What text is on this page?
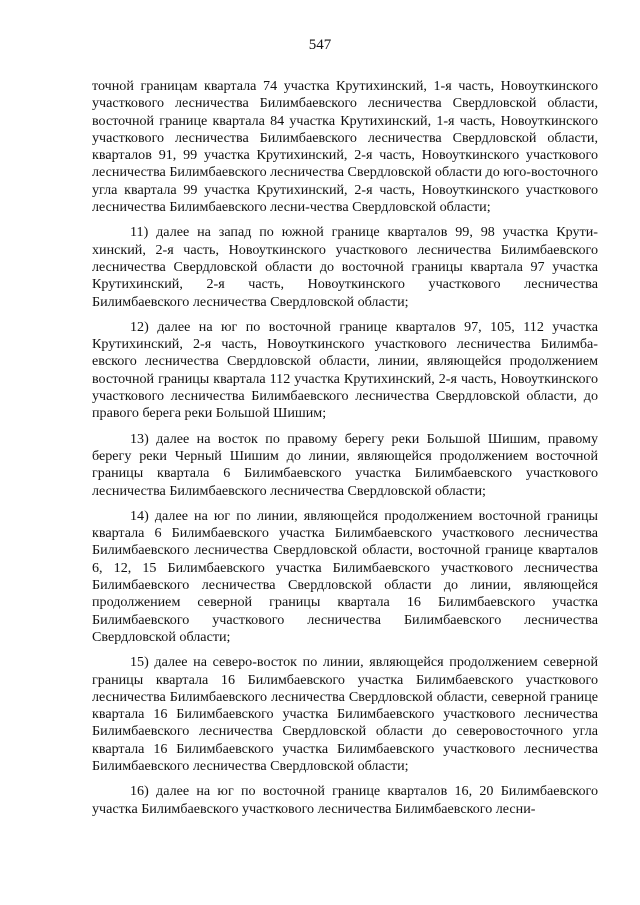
547

точной границам квартала 74 участка Крутихинский, 1-я часть, Новоуткинского участкового лесничества Билимбаевского лесничества Свердловской области, восточной границе квартала 84 участка Крутихинский, 1-я часть, Новоуткинского участкового лесничества Билимбаевского лесничества Свердловской области, кварталов 91, 99 участка Крутихинский, 2-я часть, Новоуткинского участкового лесничества Билимбаевского лесничества Свердловской области до юго-восточного угла квартала 99 участка Крутихинский, 2-я часть, Новоуткинского участкового лесничества Билимбаевского лесни-чества Свердловской области;

11) далее на запад по южной границе кварталов 99, 98 участка Крутихинский, 2-я часть, Новоуткинского участкового лесничества Билимбаевского лесничества Свердловской области до восточной границы квартала 97 участка Крутихинский, 2-я часть, Новоуткинского участкового лесничества Билимбаевского лесничества Свердловской области;

12) далее на юг по восточной границе кварталов 97, 105, 112 участка Крутихинский, 2-я часть, Новоуткинского участкового лесничества Билимбаевского лесничества Свердловской области, линии, являющейся продолжением восточной границы квартала 112 участка Крутихинский, 2-я часть, Новоуткинского участкового лесничества Билимбаевского лесничества Свердловской области, до правого берега реки Большой Шишим;

13) далее на восток по правому берегу реки Большой Шишим, правому берегу реки Черный Шишим до линии, являющейся продолжением восточной границы квартала 6 Билимбаевского участка Билимбаевского участкового лесничества Билимбаевского лесничества Свердловской области;

14) далее на юг по линии, являющейся продолжением восточной границы квартала 6 Билимбаевского участка Билимбаевского участкового лесничества Билимбаевского лесничества Свердловской области, восточной границе кварталов 6, 12, 15 Билимбаевского участка Билимбаевского участкового лесничества Билимбаевского лесничества Свердловской области до линии, являющейся продолжением северной границы квартала 16 Билимбаевского участка Билимбаевского участкового лесничества Билимбаевского лесничества Свердловской области;

15) далее на северо-восток по линии, являющейся продолжением северной границы квартала 16 Билимбаевского участка Билимбаевского участкового лесничества Билимбаевского лесничества Свердловской области, северной границе квартала 16 Билимбаевского участка Билимбаевского участкового лесничества Билимбаевского лесничества Свердловской области до северовосточного угла квартала 16 Билимбаевского участка Билимбаевского участкового лесничества Билимбаевского лесничества Свердловской области;

16) далее на юг по восточной границе кварталов 16, 20 Билимбаевского участка Билимбаевского участкового лесничества Билимбаевского лесни-
